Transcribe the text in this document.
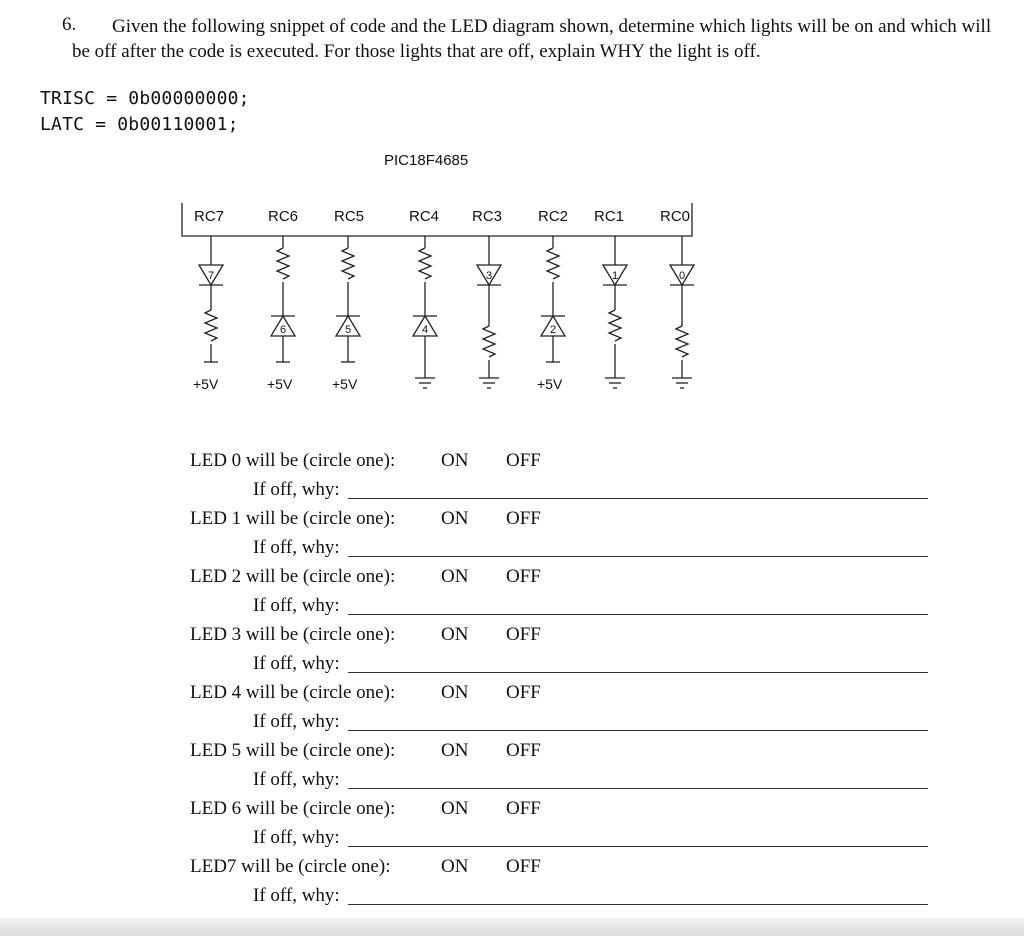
6.	Given the following snippet of code and the LED diagram shown, determine which lights will be on and which will be off after the code is executed. For those lights that are off, explain WHY the light is off.
TRISC = 0b00000000;
LATC = 0b00110001;
PIC18F4685
RC7	RC6 RC5	RC4 RC3 RC2 RC1 RC0
7
6	5	4
3
2
1	0
+5V	+5V	+5V	+5V
LED 0 will be (circle one): ON OFF
If off, why:
LED 1 will be (circle one): ON OFF
If off, why:
LED 2 will be (circle one): ON OFF
If off, why:
LED 3 will be (circle one): ON OFF
If off, why:
LED 4 will be (circle one): ON OFF
If off, why:
LED 5 will be (circle one): ON OFF
If off, why:
LED 6 will be (circle one): ON OFF
If off, why:
LED7 will be (circle one):	ON OFF
If off, why:
